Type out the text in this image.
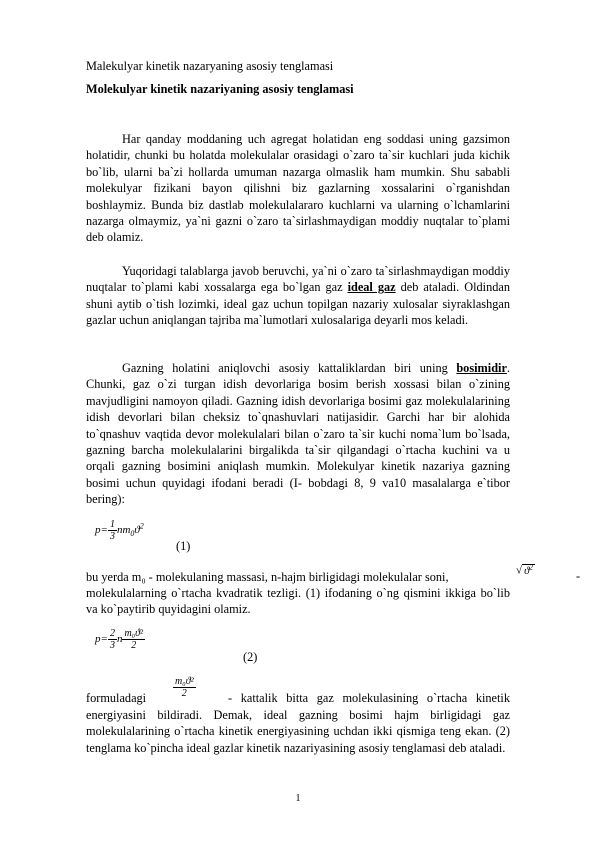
Malekulyar kinetik nazaryaning asosiy tenglamasi
Molekulyar kinetik nazariyaning asosiy tenglamasi

Har qanday moddaning uch agregat holatidan eng soddasi uning gazsimon holatidir, chunki bu holatda molekulalar orasidagi o`zaro ta`sir kuchlari juda kichik bo`lib, ularni ba`zi hollarda umuman nazarga olmaslik ham mumkin. Shu sababli molekulyar fizikani bayon qilishni biz gazlarning xossalarini o`rganishdan boshlaymiz. Bunda biz dastlab molekulalararo kuchlarni va ularning o`lchamlarini nazarga olmaymiz, ya`ni gazni o`zaro ta`sirlashmaydigan moddiy nuqtalar to`plami deb olamiz.

Yuqoridagi talablarga javob beruvchi, ya`ni o`zaro ta`sirlashmaydigan moddiy nuqtalar to`plami kabi xossalarga ega bo`lgan gaz ideal gaz deb ataladi. Oldindan shuni aytib o`tish lozimki, ideal gaz uchun topilgan nazariy xulosalar siyraklashgan gazlar uchun aniqlangan tajriba ma`lumotlari xulosalariga deyarli mos keladi.

Gazning holatini aniqlovchi asosiy kattaliklardan biri uning bosimidir. Chunki, gaz o`zi turgan idish devorlariga bosim berish xossasi bilan o`zining mavjudligini namoyon qiladi. Gazning idish devorlariga bosimi gaz molekulalarining idish devorlari bilan cheksiz to`qnashuvlari natijasidir. Garchi har bir alohida to`qnashuv vaqtida devor molekulalari bilan o`zaro ta`sir kuchi noma`lum bo`lsada, gazning barcha molekulalarini birgalikda ta`sir qilgandagi o`rtacha kuchini va u orqali gazning bosimini aniqlash mumkin. Molekulyar kinetik nazariya gazning bosimi uchun quyidagi ifodani beradi (I- bobdagi 8, 9 va10 masalalarga e`tibor bering):

$p= \frac{1}{3} nm_0ϑ^2$
(1)

bu yerda m₀ - molekulaning massasi, n-hajm birligidagi molekulalar soni,	√ $ϑ^2$
-

molekulalarning o`rtacha kvadratik tezligi. (1) ifodaning o`ng qismini ikkiga bo`lib va ko`paytirib quyidagini olamiz.

$p= \frac{2}{3}$ n $\frac{\text{m₀ϑ²}}{2}$
(2)
formuladagi	$\frac{\text{m₀ϑ²}}{2}$	- kattalik bitta gaz molekulasining o`rtacha kinetik

energiyasini bildiradi. Demak, ideal gazning bosimi hajm birligidagi gaz molekulalarining o`rtacha kinetik energiyasining uchdan ikki qismiga teng ekan. (2) tenglama ko`pincha ideal gazlar kinetik nazariyasining asosiy tenglamasi deb ataladi.

1
